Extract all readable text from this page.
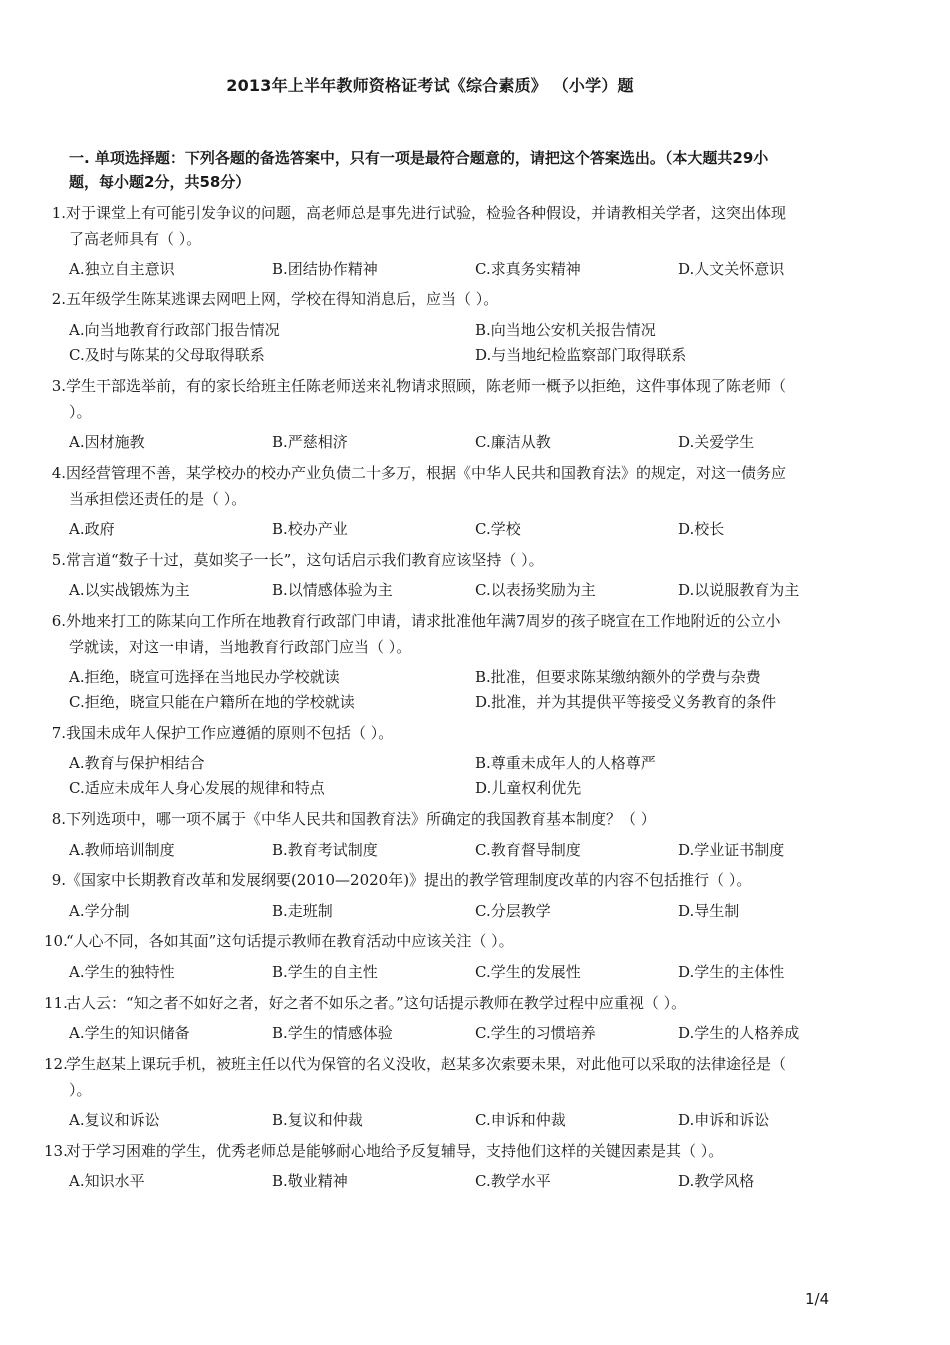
2013年上半年教师资格证考试《综合素质》 （小学）题
一. 单项选择题：下列各题的备选答案中，只有一项是最符合题意的，请把这个答案选出。（本大题共29小
题，每小题2分，共58分）
1.对于课堂上有可能引发争议的问题，高老师总是事先进行试验，检验各种假设，并请教相关学者，这突出体现
了高老师具有（ ）。
A.独立自主意识	B.团结协作精神	C.求真务实精神	D.人文关怀意识
2.五年级学生陈某逃课去网吧上网，学校在得知消息后，应当（ ）。
A.向当地教育行政部门报告情况	B.向当地公安机关报告情况
C.及时与陈某的父母取得联系	D.与当地纪检监察部门取得联系
3.学生干部选举前，有的家长给班主任陈老师送来礼物请求照顾，陈老师一概予以拒绝，这件事体现了陈老师（
）。
A.因材施教	B.严慈相济	C.廉洁从教	D.关爱学生
4.因经营管理不善，某学校办的校办产业负债二十多万，根据《中华人民共和国教育法》的规定，对这一债务应
当承担偿还责任的是（ ）。
A.政府	B.校办产业	C.学校	D.校长
5.常言道“数子十过，莫如奖子一长”，这句话启示我们教育应该坚持（ ）。
A.以实战锻炼为主	B.以情感体验为主	C.以表扬奖励为主	D.以说服教育为主
6.外地来打工的陈某向工作所在地教育行政部门申请，请求批准他年满7周岁的孩子晓宣在工作地附近的公立小
学就读，对这一申请，当地教育行政部门应当（ ）。
A.拒绝，晓宣可选择在当地民办学校就读	B.批准，但要求陈某缴纳额外的学费与杂费
C.拒绝，晓宣只能在户籍所在地的学校就读	D.批准，并为其提供平等接受义务教育的条件
7.我国未成年人保护工作应遵循的原则不包括（ ）。
A.教育与保护相结合	B.尊重未成年人的人格尊严
C.适应未成年人身心发展的规律和特点	D.儿童权利优先
8.下列选项中，哪一项不属于《中华人民共和国教育法》所确定的我国教育基本制度？（ ）
A.教师培训制度	B.教育考试制度	C.教育督导制度	D.学业证书制度
9.《国家中长期教育改革和发展纲要(2010—2020年)》提出的教学管理制度改革的内容不包括推行（ ）。
A.学分制	B.走班制	C.分层教学	D.导生制
10.“人心不同，各如其面”这句话提示教师在教育活动中应该关注（ ）。
A.学生的独特性	B.学生的自主性	C.学生的发展性	D.学生的主体性
11.古人云：“知之者不如好之者，好之者不如乐之者。”这句话提示教师在教学过程中应重视（ ）。
A.学生的知识储备	B.学生的情感体验	C.学生的习惯培养	D.学生的人格养成
12.学生赵某上课玩手机，被班主任以代为保管的名义没收，赵某多次索要未果，对此他可以采取的法律途径是（
）。
A.复议和诉讼	B.复议和仲裁	C.申诉和仲裁	D.申诉和诉讼
13.对于学习困难的学生，优秀老师总是能够耐心地给予反复辅导，支持他们这样的关键因素是其（ ）。
A.知识水平	B.敬业精神	C.教学水平	D.教学风格
1/4
